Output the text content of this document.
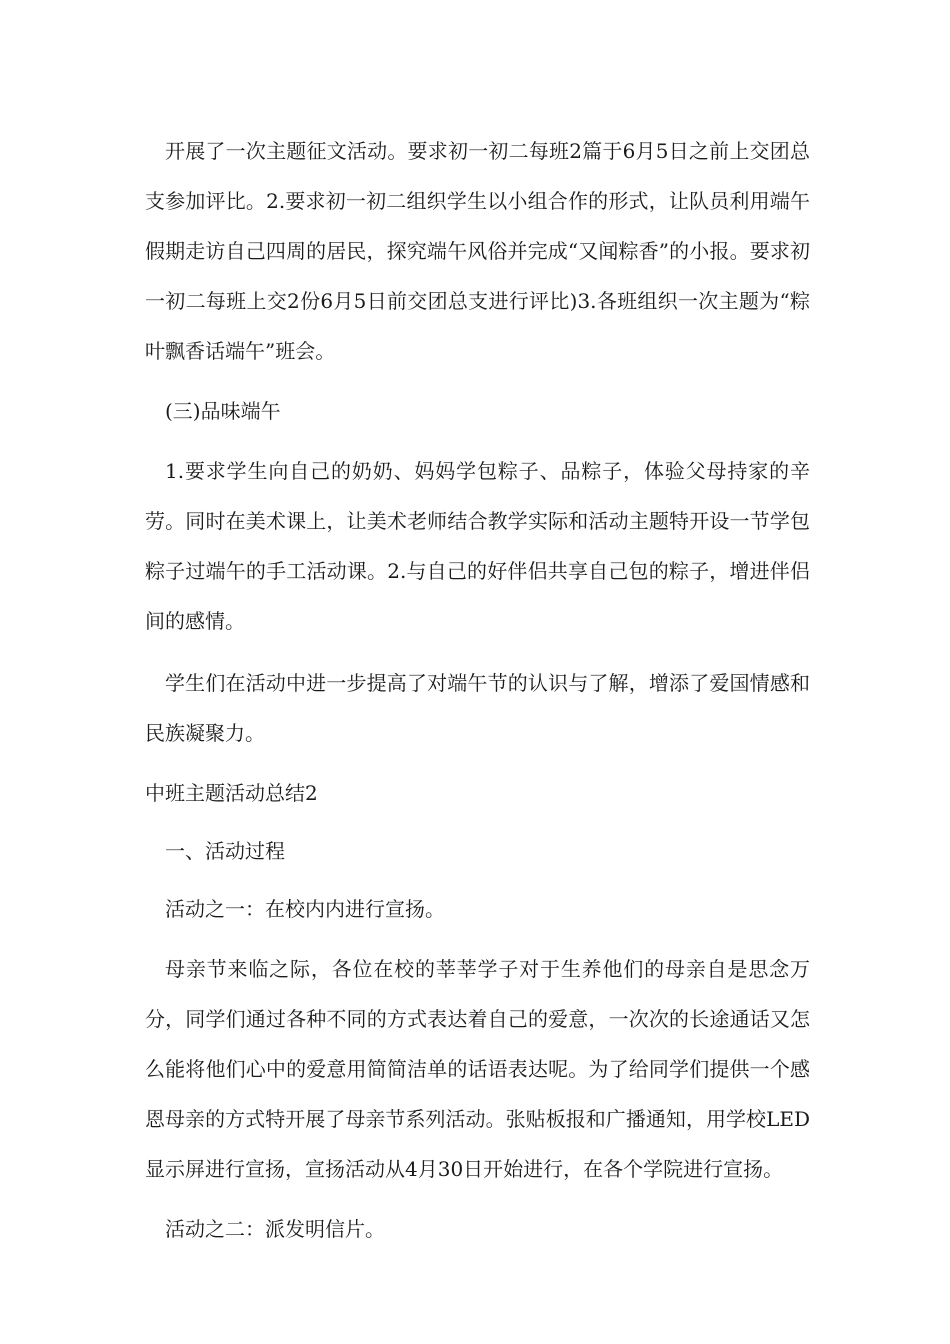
开展了一次主题征文活动。要求初一初二每班2篇于6月5日之前上交团总支参加评比。2.要求初一初二组织学生以小组合作的形式，让队员利用端午假期走访自己四周的居民，探究端午风俗并完成“又闻粽香”的小报。要求初一初二每班上交2份6月5日前交团总支进行评比)3.各班组织一次主题为“粽叶飘香话端午”班会。

(三)品味端午

1.要求学生向自己的奶奶、妈妈学包粽子、品粽子，体验父母持家的辛劳。同时在美术课上，让美术老师结合教学实际和活动主题特开设一节学包粽子过端午的手工活动课。2.与自己的好伴侣共享自己包的粽子，增进伴侣间的感情。

学生们在活动中进一步提高了对端午节的认识与了解，增添了爱国情感和民族凝聚力。

中班主题活动总结2

一、活动过程

活动之一：在校内内进行宣扬。

母亲节来临之际，各位在校的莘莘学子对于生养他们的母亲自是思念万分，同学们通过各种不同的方式表达着自己的爱意，一次次的长途通话又怎么能将他们心中的爱意用简简洁单的话语表达呢。为了给同学们提供一个感恩母亲的方式特开展了母亲节系列活动。张贴板报和广播通知，用学校LED显示屏进行宣扬，宣扬活动从4月30日开始进行，在各个学院进行宣扬。

活动之二：派发明信片。
